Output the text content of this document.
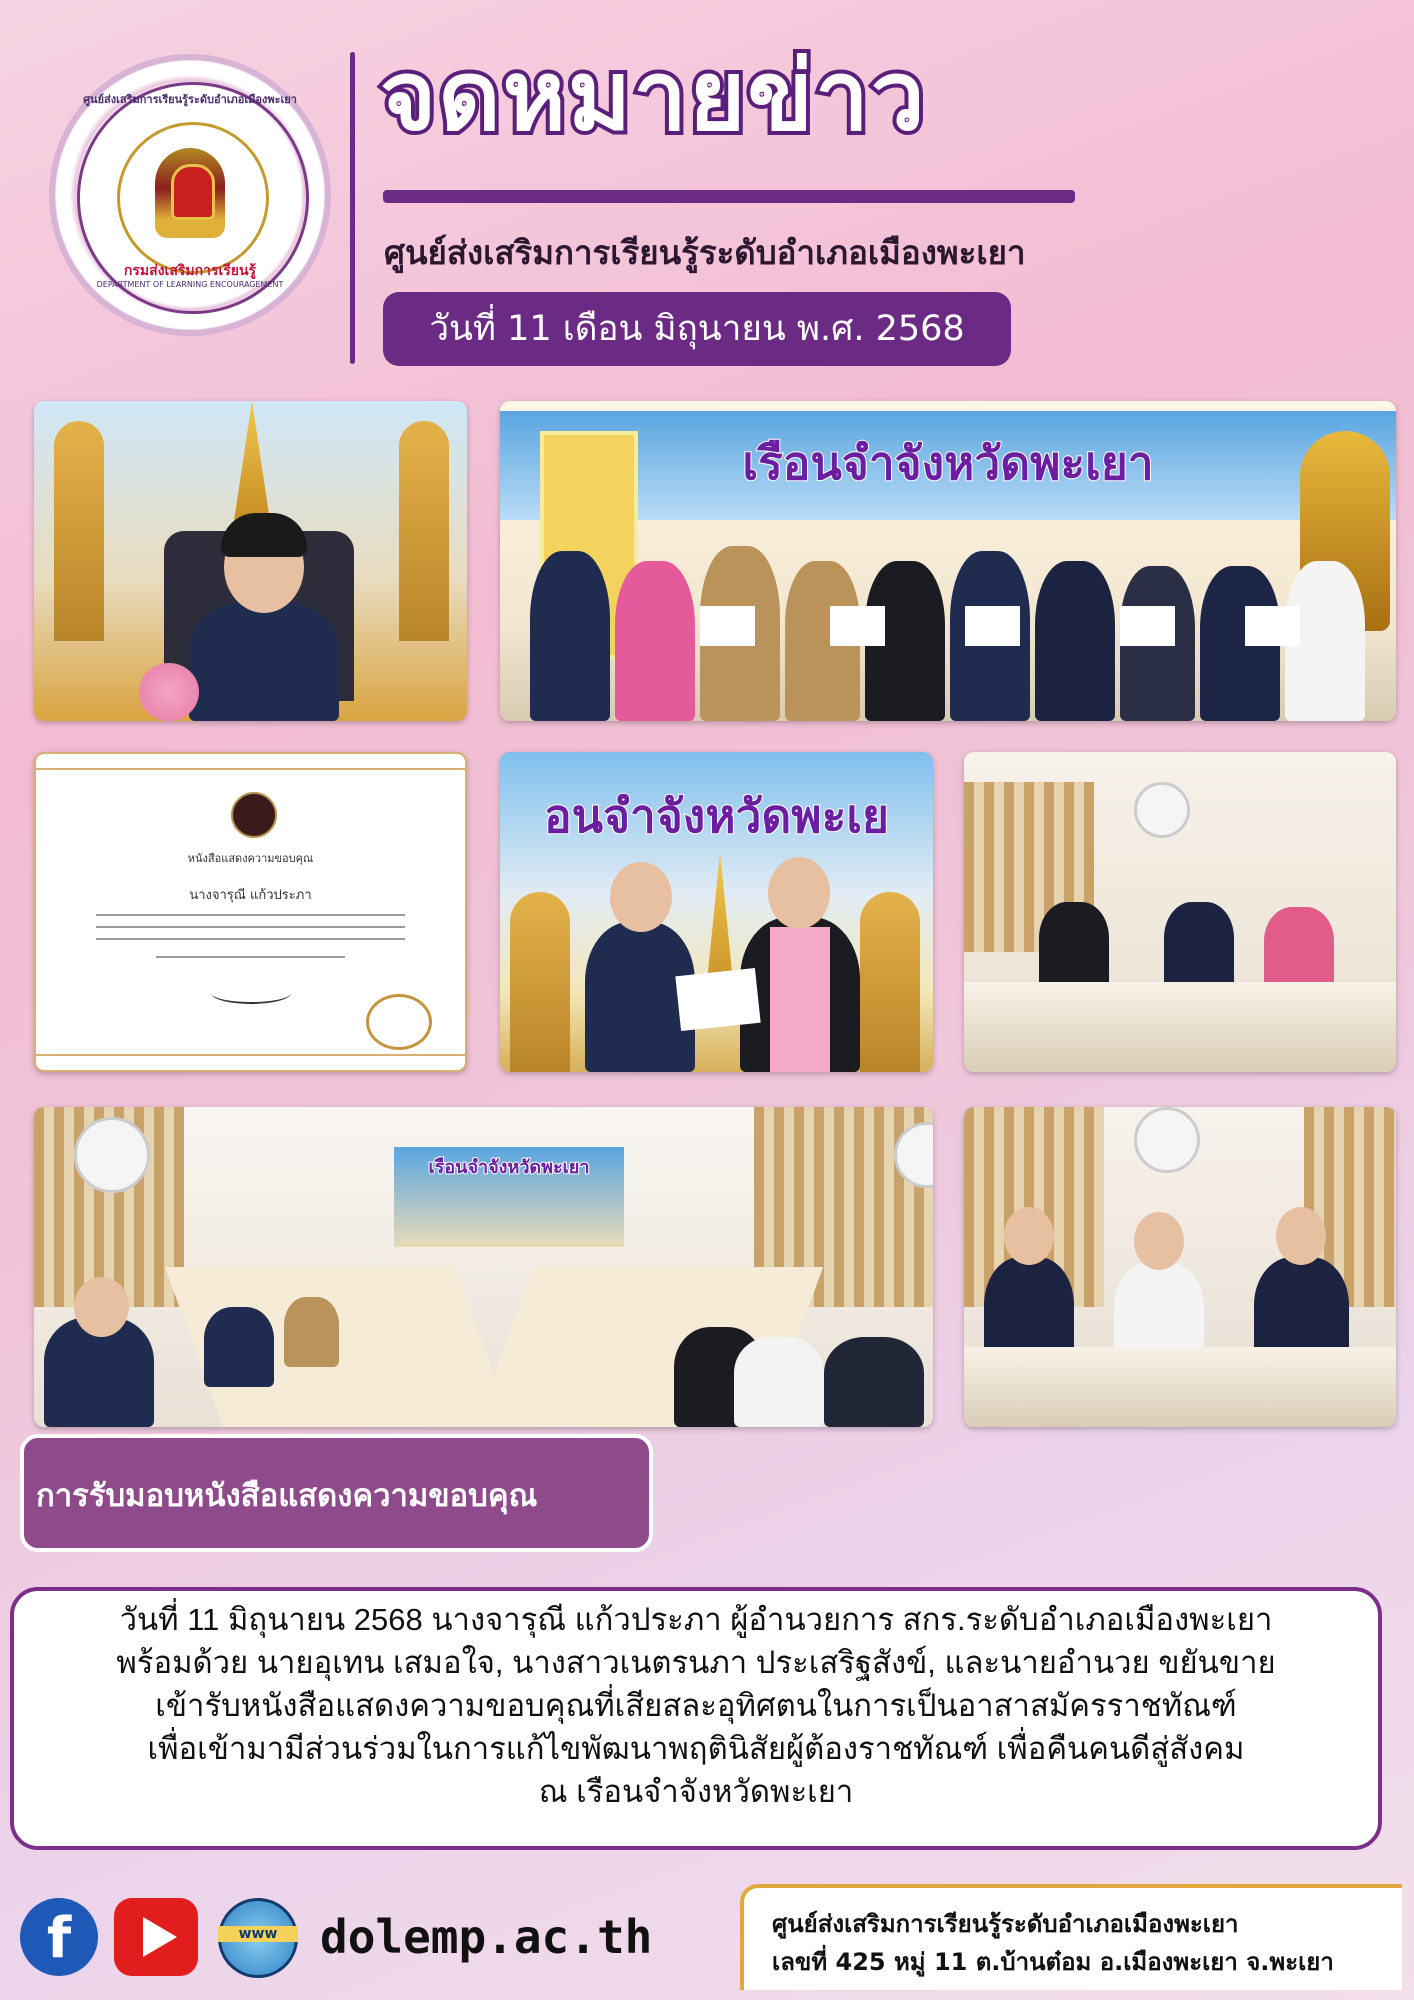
ศูนย์ส่งเสริมการเรียนรู้ระดับอำเภอเมืองพะเยา
กรมส่งเสริมการเรียนรู้
DEPARTMENT OF LEARNING ENCOURAGEMENT
จดหมายข่าว
ศูนย์ส่งเสริมการเรียนรู้ระดับอำเภอเมืองพะเยา
วันที่ 11 เดือน มิถุนายน พ.ศ. 2568
เรือนจำจังหวัดพะเยา
หนังสือแสดงความขอบคุณ
นางจารุณี แก้วประภา
อนจำจังหวัดพะเย
เรือนจำจังหวัดพะเยา
การรับมอบหนังสือแสดงความขอบคุณ
วันที่ 11 มิถุนายน 2568 นางจารุณี แก้วประภา ผู้อำนวยการ สกร.ระดับอำเภอเมืองพะเยา
พร้อมด้วย นายอุเทน เสมอใจ, นางสาวเนตรนภา ประเสริฐสังข์, และนายอำนวย ขยันขาย
เข้ารับหนังสือแสดงความขอบคุณที่เสียสละอุทิศตนในการเป็นอาสาสมัครราชทัณฑ์
เพื่อเข้ามามีส่วนร่วมในการแก้ไขพัฒนาพฤตินิสัยผู้ต้องราชทัณฑ์ เพื่อคืนคนดีสู่สังคม
ณ เรือนจำจังหวัดพะเยา
f	www dolemp.ac.th	ศูนย์ส่งเสริมการเรียนรู้ระดับอำเภอเมืองพะเยา
เลขที่ 425 หมู่ 11 ต.บ้านต๋อม อ.เมืองพะเยา จ.พะเยา
